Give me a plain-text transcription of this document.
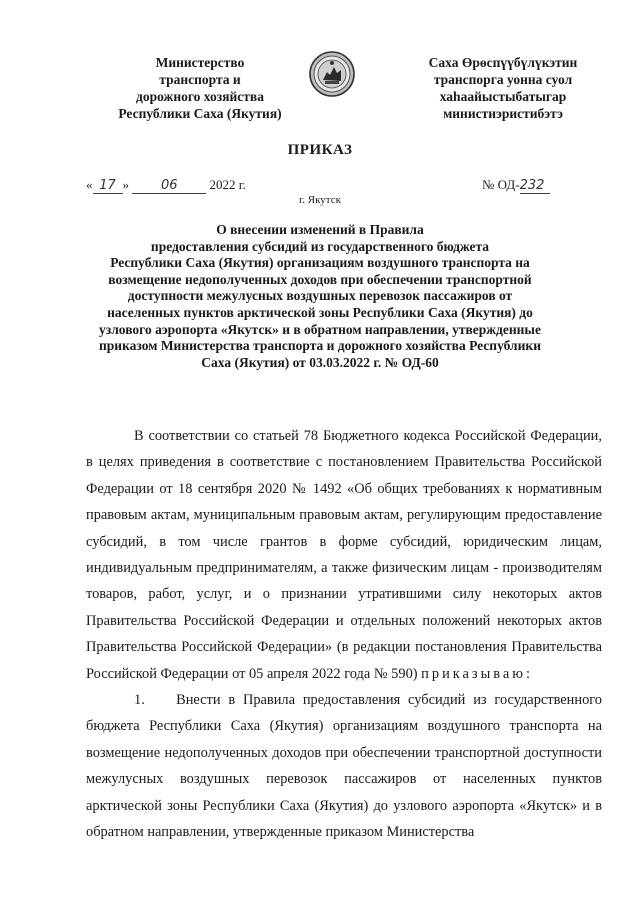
Министерство
транспорта и
дорожного хозяйства
Республики Саха (Якутия)
Саха Өрөспүүбүлүкэтин
транспорга уонна суол
хаһаайыстыбатыгар
министиэристибэтэ
ПРИКАЗ
« 17 » 06 2022 г.	№ ОД-232
г. Якутск
О внесении изменений в Правила
предоставления субсидий из государственного бюджета
Республики Саха (Якутия) организациям воздушного транспорта на
возмещение недополученных доходов при обеспечении транспортной
доступности межулусных воздушных перевозок пассажиров от
населенных пунктов арктической зоны Республики Саха (Якутия) до
узлового аэропорта «Якутск» и в обратном направлении, утвержденные
приказом Министерства транспорта и дорожного хозяйства Республики
Саха (Якутия) от 03.03.2022 г. № ОД-60

В соответствии со статьей 78 Бюджетного кодекса Российской Федерации, в целях приведения в соответствие с постановлением Правительства Российской Федерации от 18 сентября 2020 № 1492 «Об общих требованиях к нормативным правовым актам, муниципальным правовым актам, регулирующим предоставление субсидий, в том числе грантов в форме субсидий, юридическим лицам, индивидуальным предпринимателям, а также физическим лицам - производителям товаров, работ, услуг, и о признании утратившими силу некоторых актов Правительства Российской Федерации и отдельных положений некоторых актов Правительства Российской Федерации» (в редакции постановления Правительства Российской Федерации от 05 апреля 2022 года № 590) приказываю:

1. Внести в Правила предоставления субсидий из государственного бюджета Республики Саха (Якутия) организациям воздушного транспорта на возмещение недополученных доходов при обеспечении транспортной доступности межулусных воздушных перевозок пассажиров от населенных пунктов арктической зоны Республики Саха (Якутия) до узлового аэропорта «Якутск» и в обратном направлении, утвержденные приказом Министерства
